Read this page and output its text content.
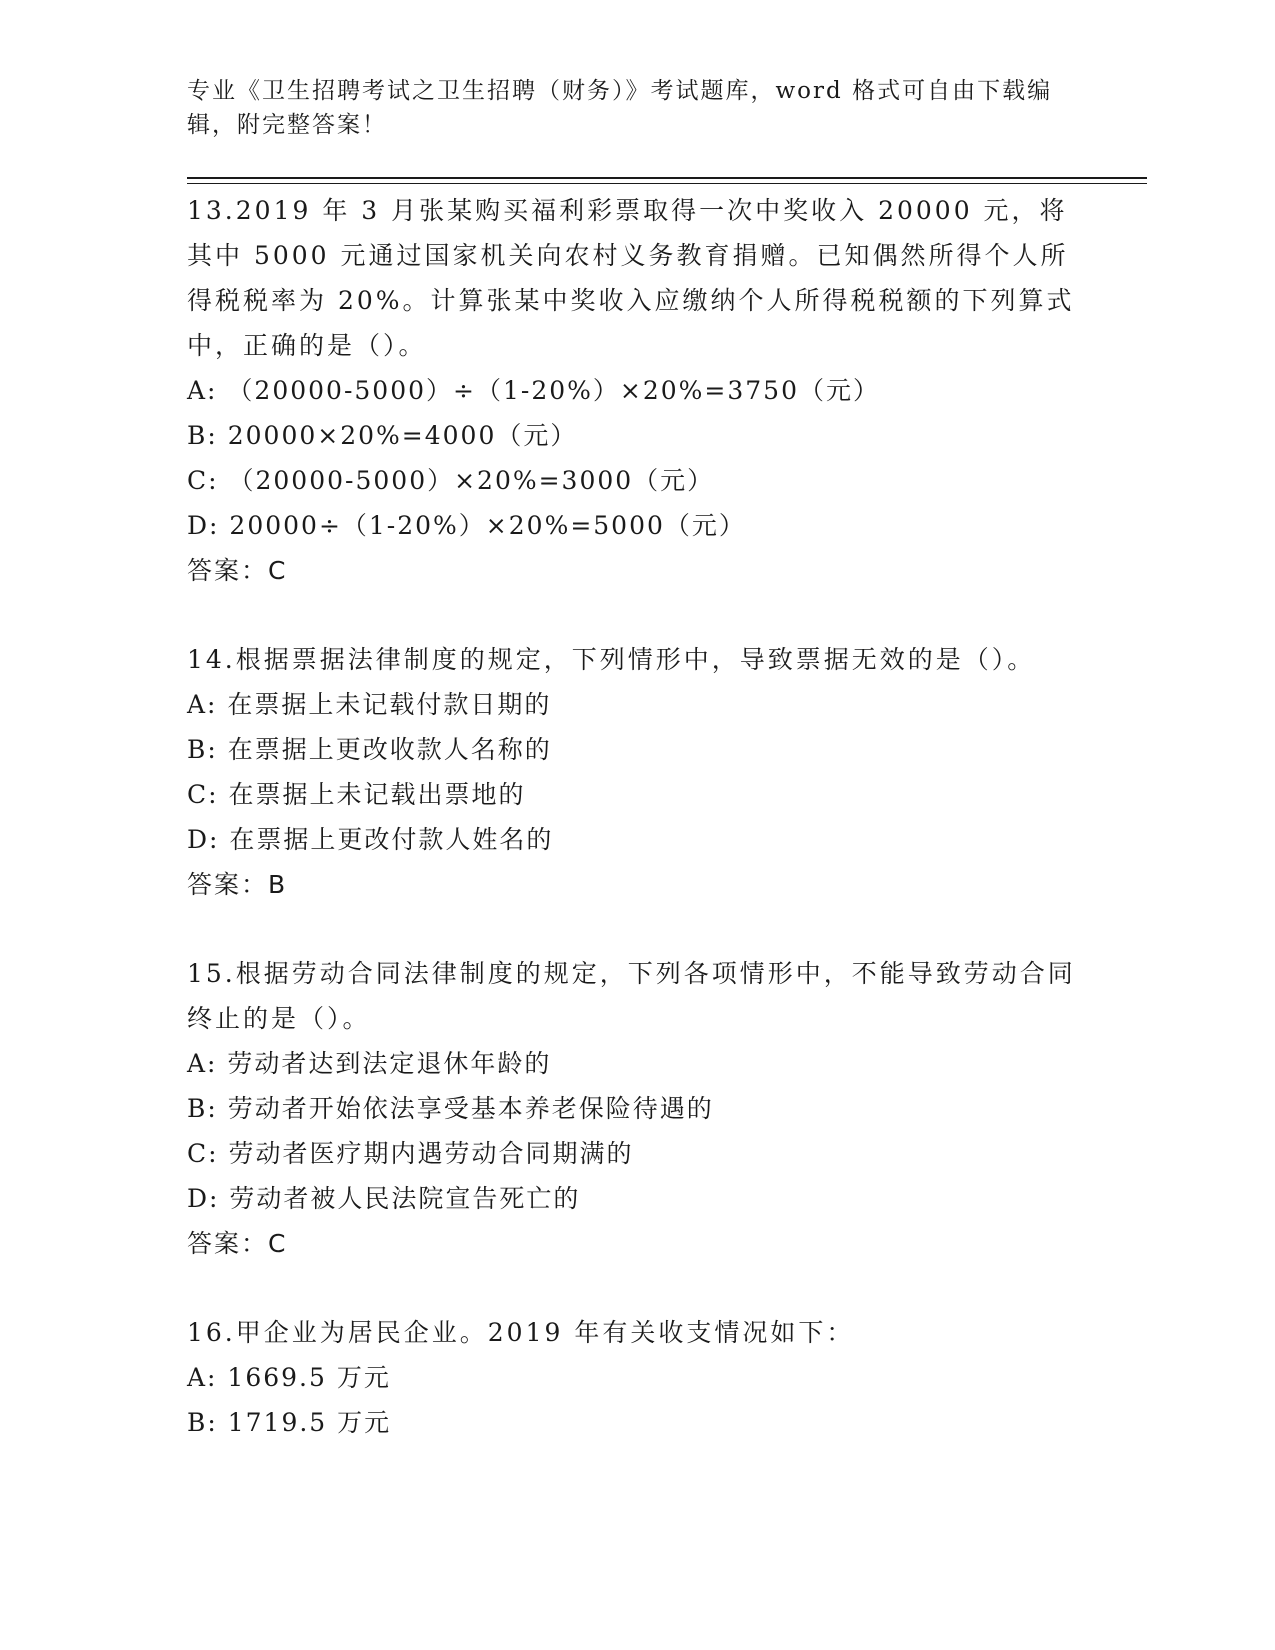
专业《卫生招聘考试之卫生招聘（财务）》考试题库，word 格式可自由下载编辑，附完整答案！
13.2019 年 3 月张某购买福利彩票取得一次中奖收入 20000 元，将其中 5000 元通过国家机关向农村义务教育捐赠。已知偶然所得个人所得税税率为 20%。计算张某中奖收入应缴纳个人所得税税额的下列算式中，正确的是（）。
A: （20000-5000）÷（1-20%）×20%=3750（元）
B: 20000×20%=4000（元）
C: （20000-5000）×20%=3000（元）
D: 20000÷（1-20%）×20%=5000（元）
答案：C
14.根据票据法律制度的规定，下列情形中，导致票据无效的是（）。
A: 在票据上未记载付款日期的
B: 在票据上更改收款人名称的
C: 在票据上未记载出票地的
D: 在票据上更改付款人姓名的
答案：B
15.根据劳动合同法律制度的规定，下列各项情形中，不能导致劳动合同终止的是（）。
A: 劳动者达到法定退休年龄的
B: 劳动者开始依法享受基本养老保险待遇的
C: 劳动者医疗期内遇劳动合同期满的
D: 劳动者被人民法院宣告死亡的
答案：C
16.甲企业为居民企业。2019 年有关收支情况如下：
A: 1669.5 万元
B: 1719.5 万元
